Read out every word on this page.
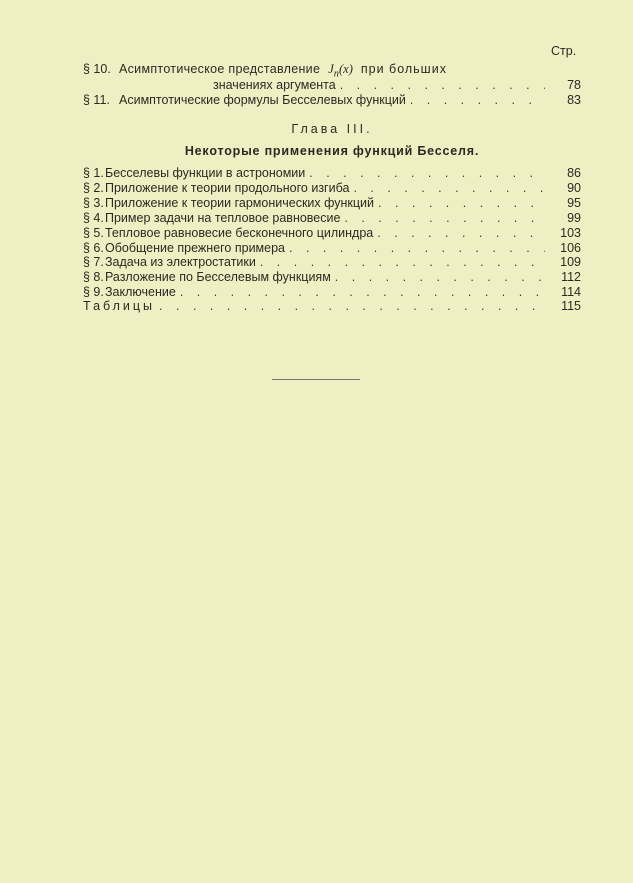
Стр.
§ 10. Асимптотическое представление $J_n(x)$ при больших
значениях аргумента . . .	78
§ 11. Асимптотические формулы Бесселевых функций . . .	83
Глава III.
Некоторые применения функций Бесселя.
§ 1. Бесселевы функции в астрономии . . .	86
§ 2. Приложение к теории продольного изгиба . . .	90
§ 3. Приложение к теории гармонических функций . . .	95
§ 4. Пример задачи на тепловое равновесие . . .	99
§ 5. Тепловое равновесие бесконечного цилиндра . . .	103
§ 6. Обобщение прежнего примера . . .	106
§ 7. Задача из электростатики . . .	109
§ 8. Разложение по Бесселевым функциям . . .	112
§ 9. Заключение . . .	114
Таблицы . . .	115
